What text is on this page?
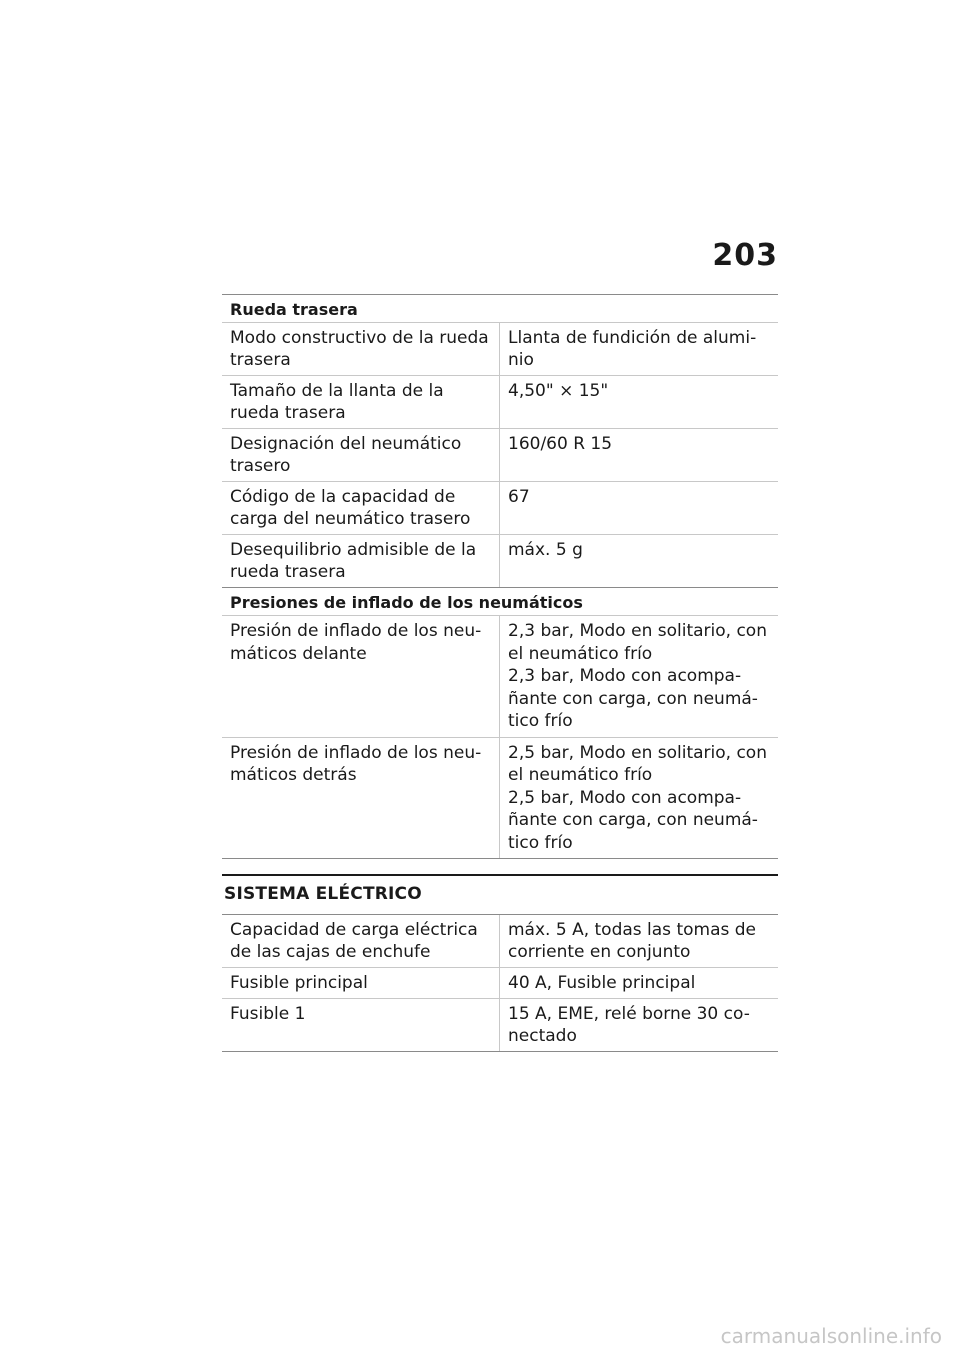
203
Rueda trasera
Modo constructivo de la rueda trasera
Llanta de fundición de alumi-nio
Tamaño de la llanta de la rueda trasera
4,50" × 15"
Designación del neumático trasero
160/60 R 15
Código de la capacidad de carga del neumático trasero
67
Desequilibrio admisible de la rueda trasera
máx. 5 g
Presiones de inflado de los neumáticos
Presión de inflado de los neu-máticos delante
2,3 bar, Modo en solitario, con el neumático frío
2,3 bar, Modo con acompa-ñante con carga, con neumá-tico frío
Presión de inflado de los neu-máticos detrás
2,5 bar, Modo en solitario, con el neumático frío
2,5 bar, Modo con acompa-ñante con carga, con neumá-tico frío
SISTEMA ELÉCTRICO
Capacidad de carga eléctrica de las cajas de enchufe
máx. 5 A, todas las tomas de corriente en conjunto
Fusible principal	40 A, Fusible principal
Fusible 1	15 A, EME, relé borne 30 co-nectado
carmanualsonline.info
